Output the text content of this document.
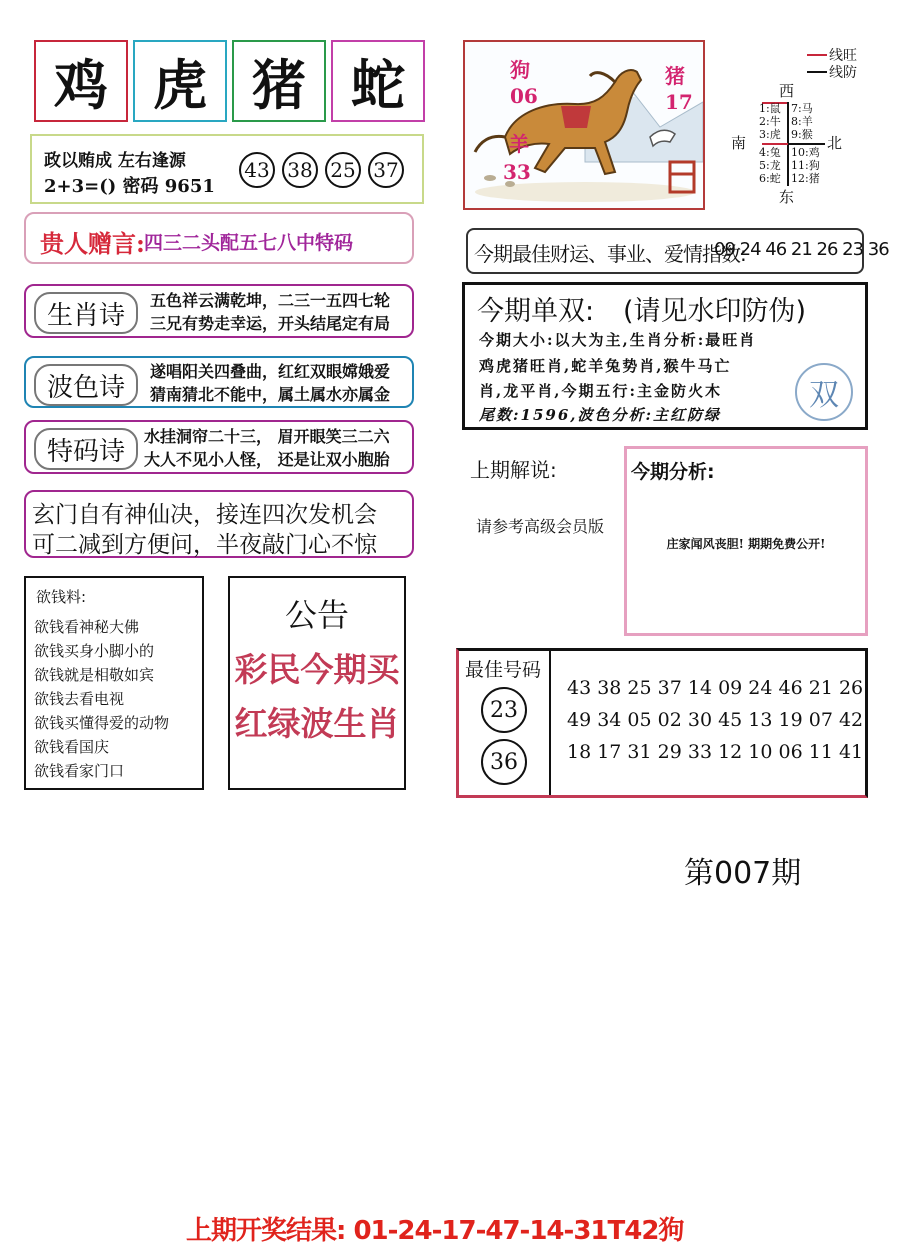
鸡 虎 猪 蛇
政以贿成 左右逢源
2+3=() 密码 9651
43 38 25 37
贵人赠言: 四三二头配五七八中特码
生肖诗	五色祥云满乾坤，二三一五四七轮
三兄有势走幸运，开头结尾定有局
波色诗
遂唱阳关四叠曲，红红双眼嫦娥爱
猜南猜北不能中，属土属水亦属金
特码诗	水挂洞帘二十三， 眉开眼笑三二六
大人不见小人怪， 还是让双小胞胎
玄门自有神仙决，接连四次发机会
可二减到方便问，半夜敲门心不惊
欲钱料:
欲钱看神秘大佛
欲钱买身小脚小的
欲钱就是相敬如宾
欲钱去看电视
欲钱买懂得爱的动物
欲钱看国庆
欲钱看家门口
公告
彩民今期买
红绿波生肖
狗
06
猪
17
羊
33
线旺
线防
西
南	北
东
1:鼠
2:牛
3:虎
4:兔
5:龙
6:蛇
7:马
8:羊
9:猴
10:鸡
11:狗
12:猪
今期最佳财运、事业、爱情指数:
09 24 46 21 26 23 36
今期单双: (请见水印防伪)
今期大小:以大为主,生肖分析:最旺肖
鸡虎猪旺肖,蛇羊兔势肖,猴牛马亡
肖,龙平肖,今期五行:主金防火木
尾数:1596,波色分析:主红防绿
双
上期解说:
请参考高级会员版
今期分析:
庄家闻风丧胆! 期期免费公开!
最佳号码
23
36
43 38 25 37 14 09 24 46 21 26
49 34 05 02 30 45 13 19 07 42
18 17 31 29 33 12 10 06 11 41
第007期
上期开奖结果: 01-24-17-47-14-31T42狗
